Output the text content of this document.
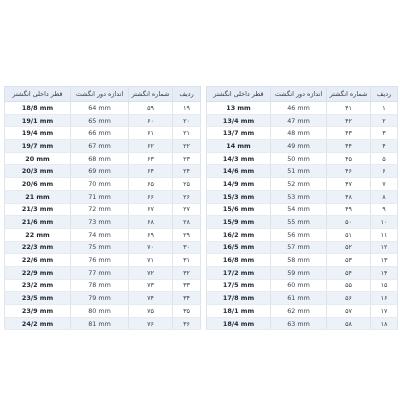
قطر داخلی انگشتر	اندازه دور انگشت	شماره انگشتر	ردیف
18/8 mm	64 mm	۵۹	۱۹
19/1 mm	65 mm	۶۰	۲۰
19/4 mm	66 mm	۶۱	۲۱
19/7 mm	67 mm	۶۲	۲۲
20 mm	68 mm	۶۳	۲۳
20/3 mm	69 mm	۶۴	۲۴
20/6 mm	70 mm	۶۵	۲۵
21 mm	71 mm	۶۶	۲۶
21/3 mm	72 mm	۶۷	۲۷
21/6 mm	73 mm	۶۸	۲۸
22 mm	74 mm	۶۹	۲۹
22/3 mm	75 mm	۷۰	۳۰
22/6 mm	76 mm	۷۱	۳۱
22/9 mm	77 mm	۷۲	۳۲
23/2 mm	78 mm	۷۳	۳۳
23/5 mm	79 mm	۷۴	۳۴
23/9 mm	80 mm	۷۵	۳۵
24/2 mm	81 mm	۷۶	۳۶
قطر داخلی انگشتر	اندازه دور انگشت	شماره انگشتر	ردیف
13 mm	46 mm	۴۱	۱
13/4 mm	47 mm	۴۲	۲
13/7 mm	48 mm	۴۳	۳
14 mm	49 mm	۴۴	۴
14/3 mm	50 mm	۴۵	۵
14/6 mm	51 mm	۴۶	۶
14/9 mm	52 mm	۴۷	۷
15/3 mm	53 mm	۴۸	۸
15/6 mm	54 mm	۴۹	۹
15/9 mm	55 mm	۵۰	۱۰
16/2 mm	56 mm	۵۱	۱۱
16/5 mm	57 mm	۵۲	۱۲
16/8 mm	58 mm	۵۳	۱۳
17/2 mm	59 mm	۵۴	۱۴
17/5 mm	60 mm	۵۵	۱۵
17/8 mm	61 mm	۵۶	۱۶
18/1 mm	62 mm	۵۷	۱۷
18/4 mm	63 mm	۵۸	۱۸
